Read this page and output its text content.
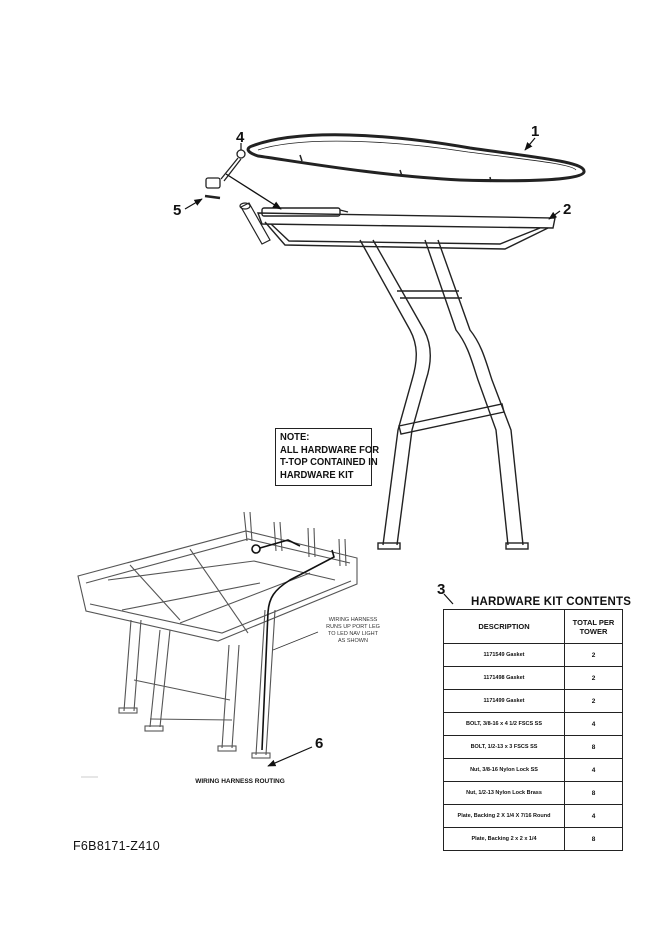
1
2
3
4
5
6
NOTE:
ALL HARDWARE FOR
T-TOP CONTAINED IN
HARDWARE KIT
WIRING HARNESS
RUNS UP PORT LEG
TO LED NAV LIGHT
AS SHOWN
WIRING HARNESS ROUTING
HARDWARE KIT CONTENTS
DESCRIPTION	TOTAL PER
TOWER
1171549 Gasket	2
1171498 Gasket	2
1171499 Gasket	2
BOLT, 3/8-16 x 4 1/2 FSCS SS	4
BOLT, 1/2-13 x 3 FSCS SS	8
Nut, 3/8-16 Nylon Lock SS	4
Nut, 1/2-13 Nylon Lock Brass	8
Plate, Backing 2 X 1/4 X 7/16 Round	4
Plate, Backing 2 x 2 x 1/4	8
F6B8171-Z410
